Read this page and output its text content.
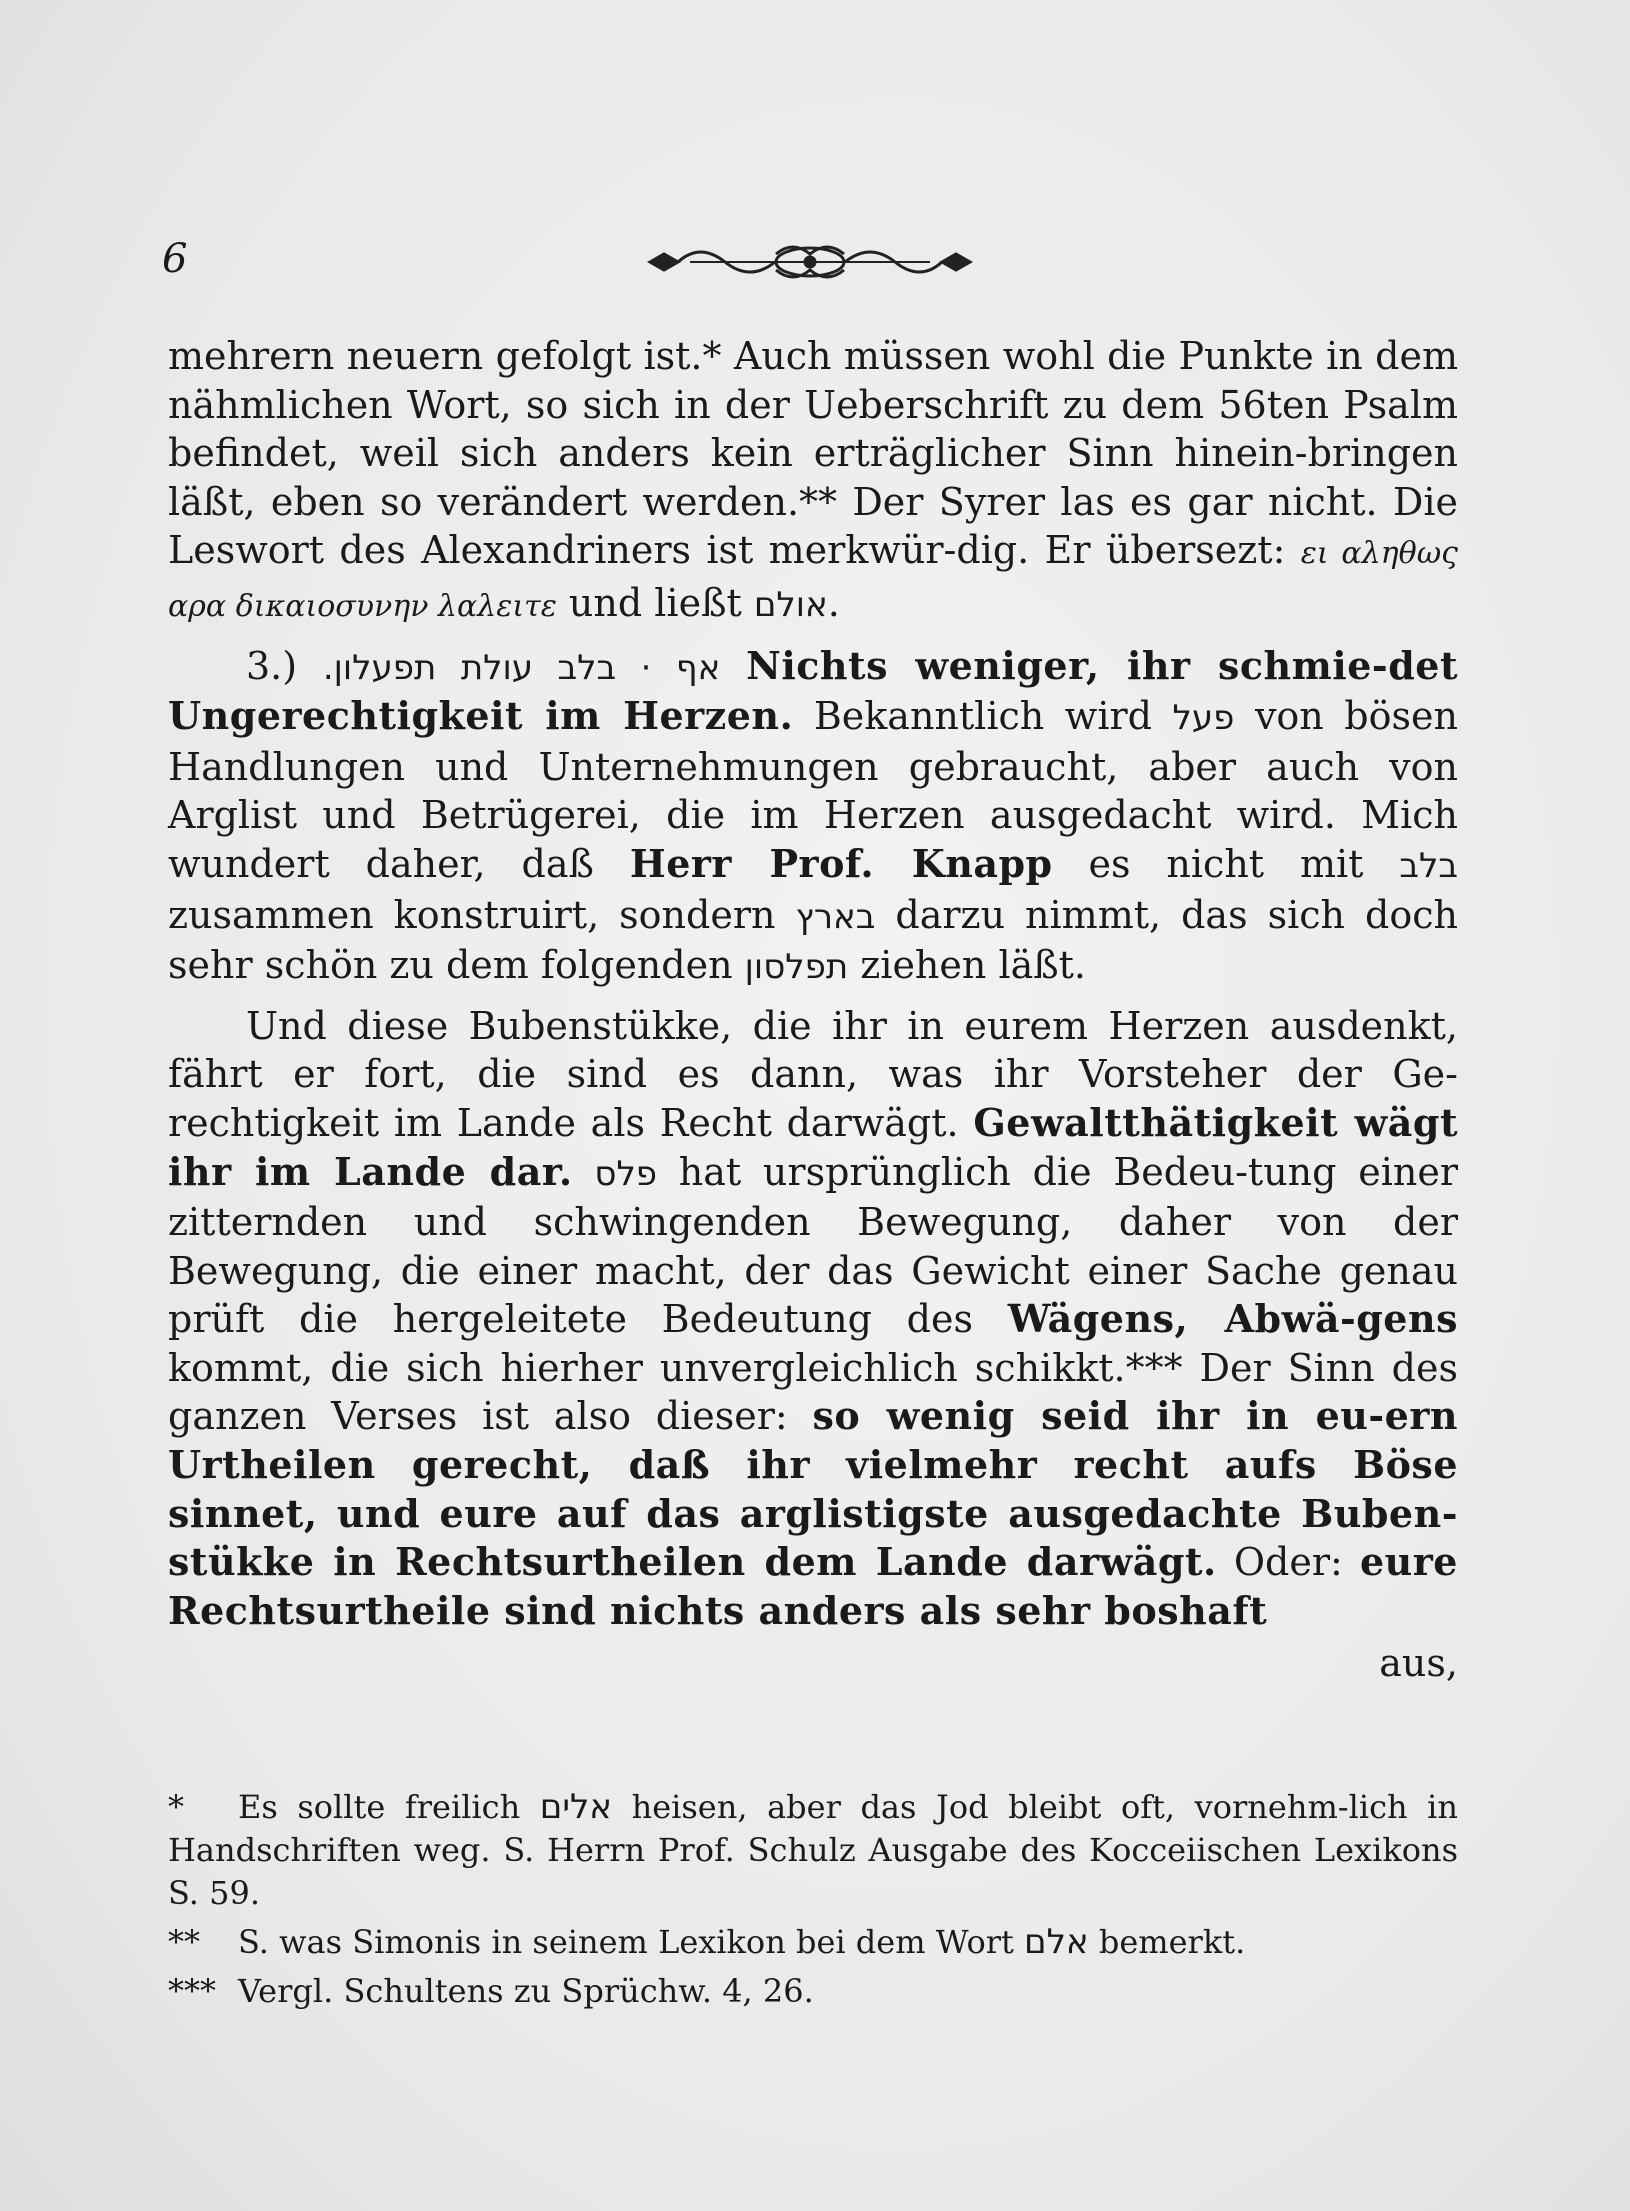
6

mehrern neuern gefolgt ist.* Auch müssen wohl die Punkte in dem nähmlichen Wort, so sich in der Ueberschrift zu dem 56ten Psalm befindet, weil sich anders kein erträglicher Sinn hinein-bringen läßt, eben so verändert werden.** Der Syrer las es gar nicht. Die Leswort des Alexandriners ist merkwür-dig. Er übersezt: ει αληθως αρα δικαιοσυνην λαλειτε und ließt אולם.

3.) אף · בלב עולת תפעלון. Nichts weniger, ihr schmie-det Ungerechtigkeit im Herzen. Bekanntlich wird פעל von bösen Handlungen und Unternehmungen gebraucht, aber auch von Arglist und Betrügerei, die im Herzen ausgedacht wird. Mich wundert daher, daß Herr Prof. Knapp es nicht mit בלב zusammen konstruirt, sondern בארץ darzu nimmt, das sich doch sehr schön zu dem folgenden תפלסון ziehen läßt.

Und diese Bubenstükke, die ihr in eurem Herzen ausdenkt, fährt er fort, die sind es dann, was ihr Vorsteher der Ge-rechtigkeit im Lande als Recht darwägt. Gewaltthätigkeit wägt ihr im Lande dar. פלס hat ursprünglich die Bedeu-tung einer zitternden und schwingenden Bewegung, daher von der Bewegung, die einer macht, der das Gewicht einer Sache genau prüft die hergeleitete Bedeutung des Wägens, Abwä-gens kommt, die sich hierher unvergleichlich schikkt.*** Der Sinn des ganzen Verses ist also dieser: so wenig seid ihr in eu-ern Urtheilen gerecht, daß ihr vielmehr recht aufs Böse sinnet, und eure auf das arglistigste ausgedachte Buben-stükke in Rechtsurtheilen dem Lande darwägt. Oder: eure Rechtsurtheile sind nichts anders als sehr boshaft

aus,

* Es sollte freilich אלים heisen, aber das Jod bleibt oft, vornehm-lich in Handschriften weg. S. Herrn Prof. Schulz Ausgabe des Kocceiischen Lexikons S. 59.

** S. was Simonis in seinem Lexikon bei dem Wort אלם bemerkt.

*** Vergl. Schultens zu Sprüchw. 4, 26.
